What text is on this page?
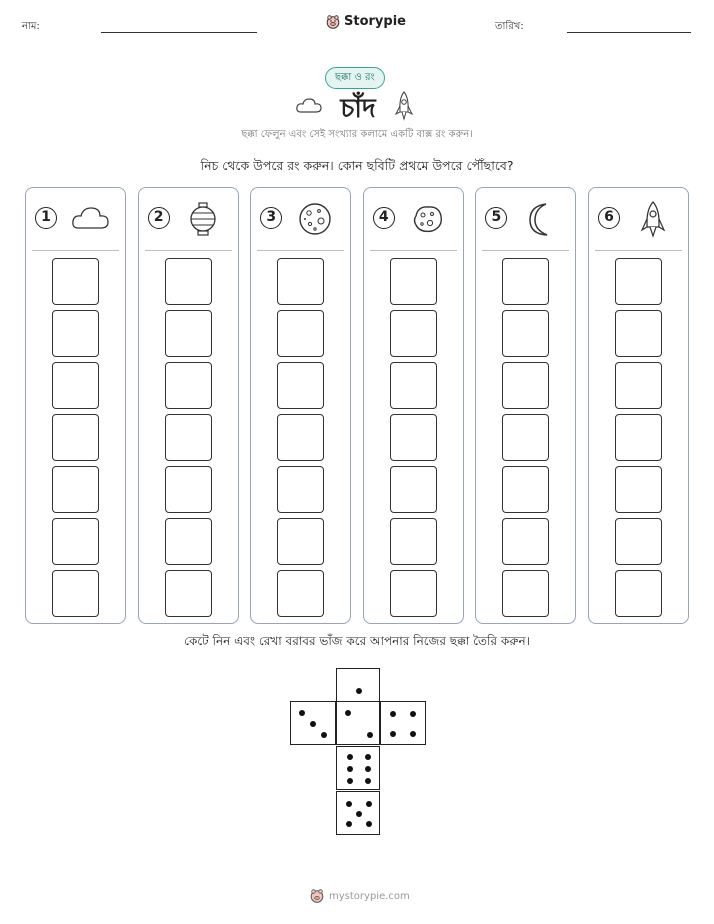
নাম:	Storypie	তারিখ:
ছক্কা ও রং
চাঁদ
ছক্কা ফেলুন এবং সেই সংখ্যার কলামে একটি বাক্স রং করুন।
নিচ থেকে উপরে রং করুন। কোন ছবিটি প্রথমে উপরে পৌঁছাবে?
1	2	3	4	5	6
কেটে নিন এবং রেখা বরাবর ভাঁজ করে আপনার নিজের ছক্কা তৈরি করুন।
mystorypie.com
